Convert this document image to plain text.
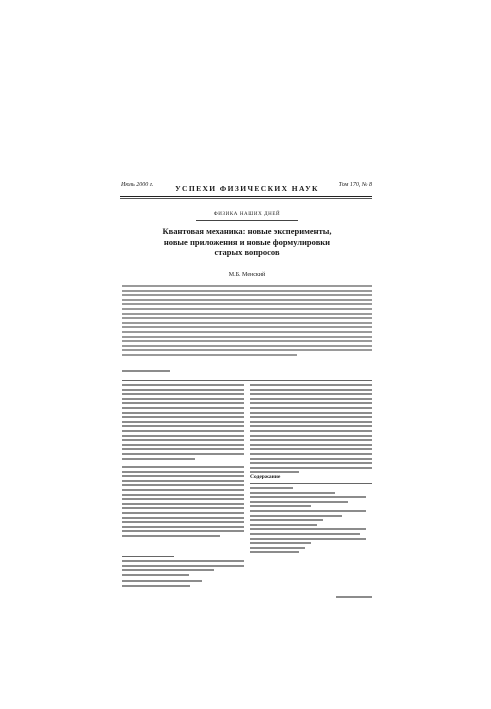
Июль 2000 г.	УСПЕХИ ФИЗИЧЕСКИХ НАУК	Том 170, № 8
ФИЗИКА НАШИХ ДНЕЙ
Квантовая механика: новые эксперименты, новые приложения и новые формулировки старых вопросов
М.Б. Менский
Содержание
